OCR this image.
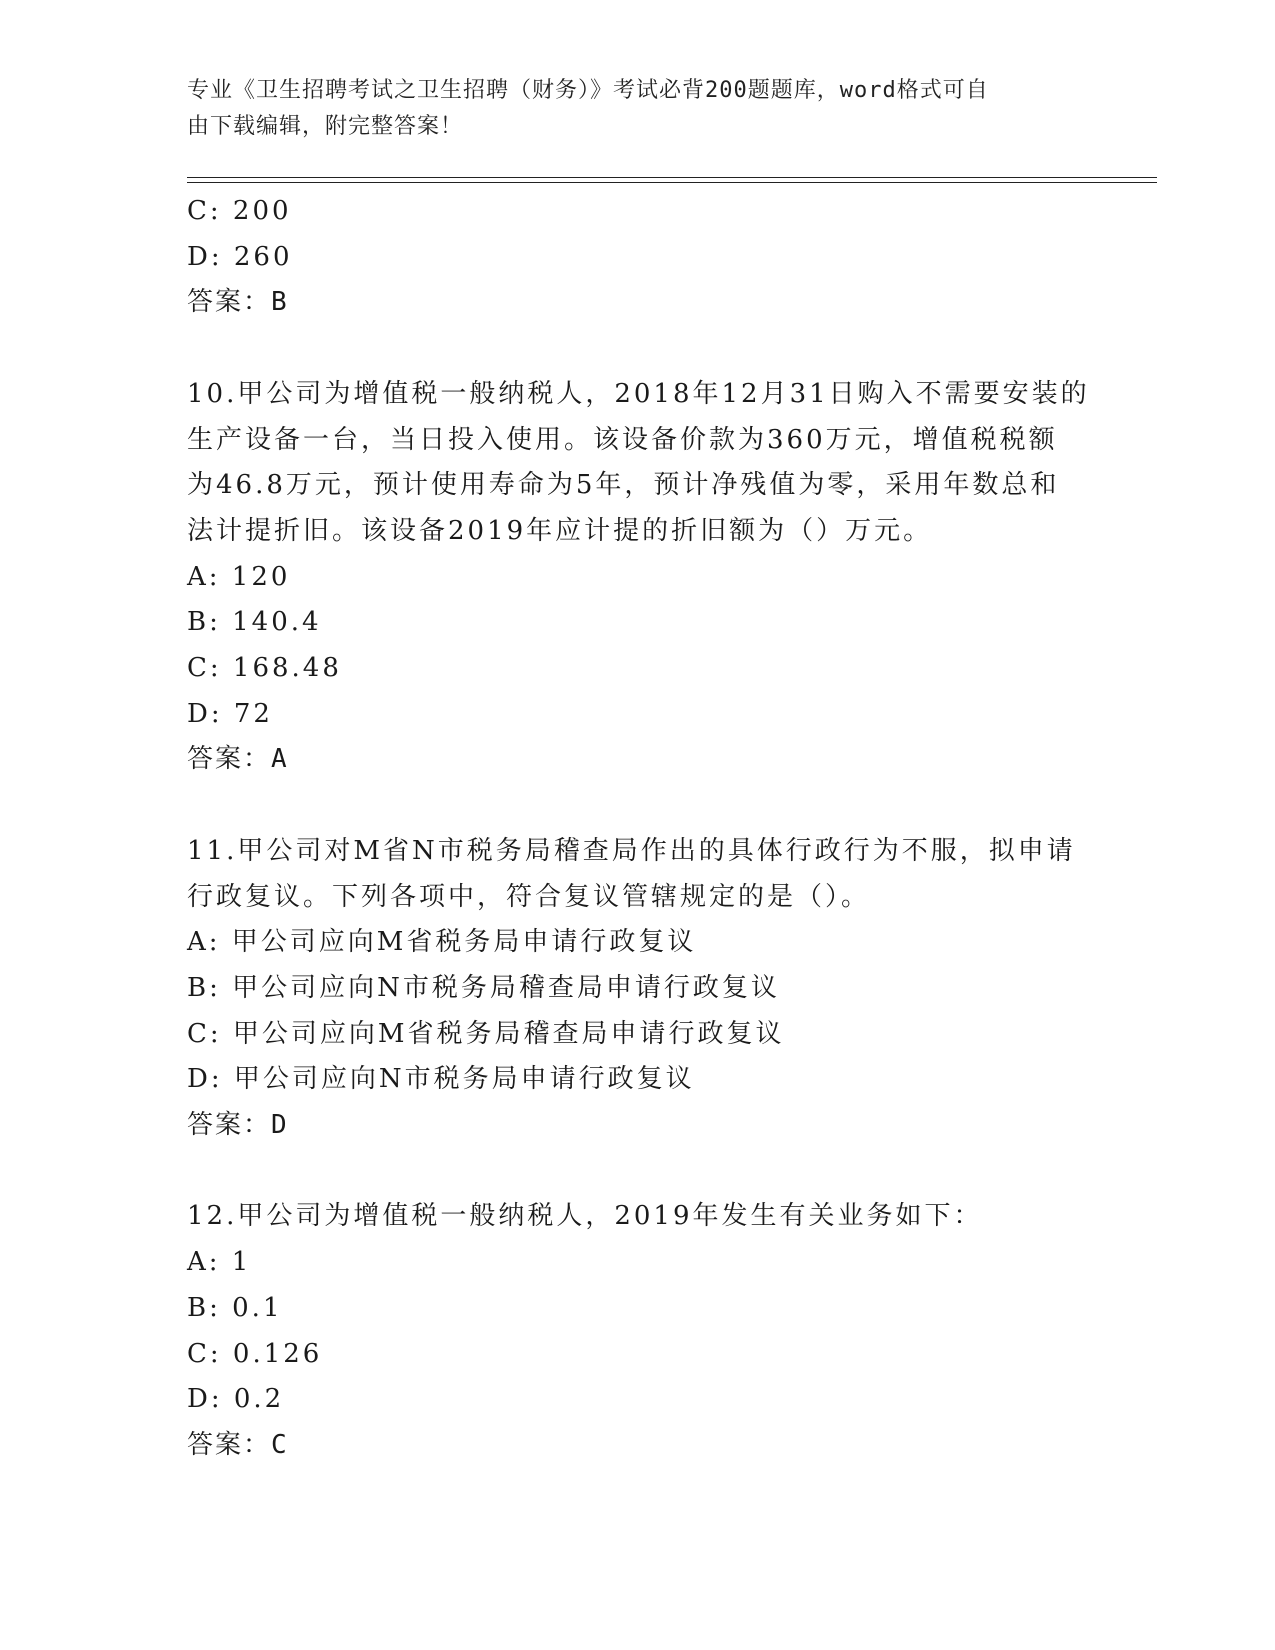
专业《卫生招聘考试之卫生招聘（财务）》考试必背200题题库，word格式可自
由下载编辑，附完整答案！

C: 200

D: 260

答案：B

10.甲公司为增值税一般纳税人，2018年12月31日购入不需要安装的

生产设备一台，当日投入使用。该设备价款为360万元，增值税税额

为46.8万元，预计使用寿命为5年，预计净残值为零，采用年数总和

法计提折旧。该设备2019年应计提的折旧额为（）万元。

A: 120

B: 140.4

C: 168.48

D: 72

答案：A

11.甲公司对M省N市税务局稽查局作出的具体行政行为不服，拟申请

行政复议。下列各项中，符合复议管辖规定的是（）。

A: 甲公司应向M省税务局申请行政复议

B: 甲公司应向N市税务局稽查局申请行政复议

C: 甲公司应向M省税务局稽查局申请行政复议

D: 甲公司应向N市税务局申请行政复议

答案：D

12.甲公司为增值税一般纳税人，2019年发生有关业务如下：

A: 1

B: 0.1

C: 0.126

D: 0.2

答案：C
